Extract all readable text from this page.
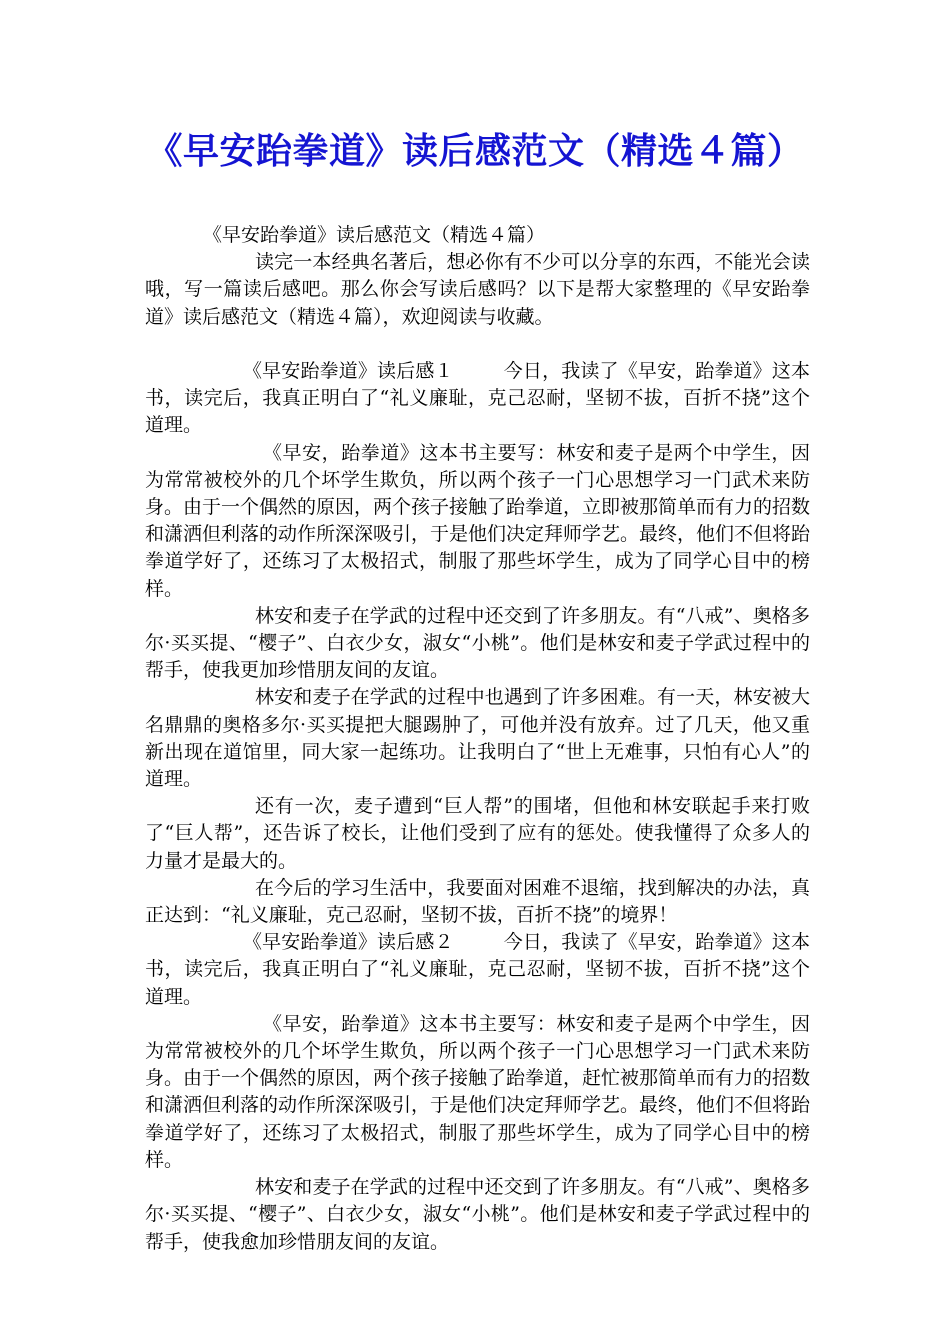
《早安跆拳道》读后感范文（精选４篇）

《早安跆拳道》读后感范文（精选４篇）

读完一本经典名著后，想必你有不少可以分享的东西，不能光会读哦，写一篇读后感吧。那么你会写读后感吗？以下是帮大家整理的《早安跆拳道》读后感范文（精选４篇），欢迎阅读与收藏。

《早安跆拳道》读后感１	今日，我读了《早安，跆拳道》这本书，读完后，我真正明白了“礼义廉耻，克己忍耐，坚韧不拔，百折不挠”这个道理。

《早安，跆拳道》这本书主要写：林安和麦子是两个中学生，因为常常被校外的几个坏学生欺负，所以两个孩子一门心思想学习一门武术来防身。由于一个偶然的原因，两个孩子接触了跆拳道，立即被那简单而有力的招数和潇洒但利落的动作所深深吸引，于是他们决定拜师学艺。最终，他们不但将跆拳道学好了，还练习了太极招式，制服了那些坏学生，成为了同学心目中的榜样。

林安和麦子在学武的过程中还交到了许多朋友。有“八戒”、奥格多尔·买买提、“樱子”、白衣少女，淑女“小桃”。他们是林安和麦子学武过程中的帮手，使我更加珍惜朋友间的友谊。

林安和麦子在学武的过程中也遇到了许多困难。有一天，林安被大名鼎鼎的奥格多尔·买买提把大腿踢肿了，可他并没有放弃。过了几天，他又重新出现在道馆里，同大家一起练功。让我明白了“世上无难事，只怕有心人”的道理。

还有一次，麦子遭到“巨人帮”的围堵，但他和林安联起手来打败了“巨人帮”，还告诉了校长，让他们受到了应有的惩处。使我懂得了众多人的力量才是最大的。

在今后的学习生活中，我要面对困难不退缩，找到解决的办法，真正达到：“礼义廉耻，克己忍耐，坚韧不拔，百折不挠”的境界！

《早安跆拳道》读后感２	今日，我读了《早安，跆拳道》这本书，读完后，我真正明白了“礼义廉耻，克己忍耐，坚韧不拔，百折不挠”这个道理。

《早安，跆拳道》这本书主要写：林安和麦子是两个中学生，因为常常被校外的几个坏学生欺负，所以两个孩子一门心思想学习一门武术来防身。由于一个偶然的原因，两个孩子接触了跆拳道，赶忙被那简单而有力的招数和潇洒但利落的动作所深深吸引，于是他们决定拜师学艺。最终，他们不但将跆拳道学好了，还练习了太极招式，制服了那些坏学生，成为了同学心目中的榜样。

林安和麦子在学武的过程中还交到了许多朋友。有“八戒”、奥格多尔·买买提、“樱子”、白衣少女，淑女“小桃”。他们是林安和麦子学武过程中的帮手，使我愈加珍惜朋友间的友谊。
